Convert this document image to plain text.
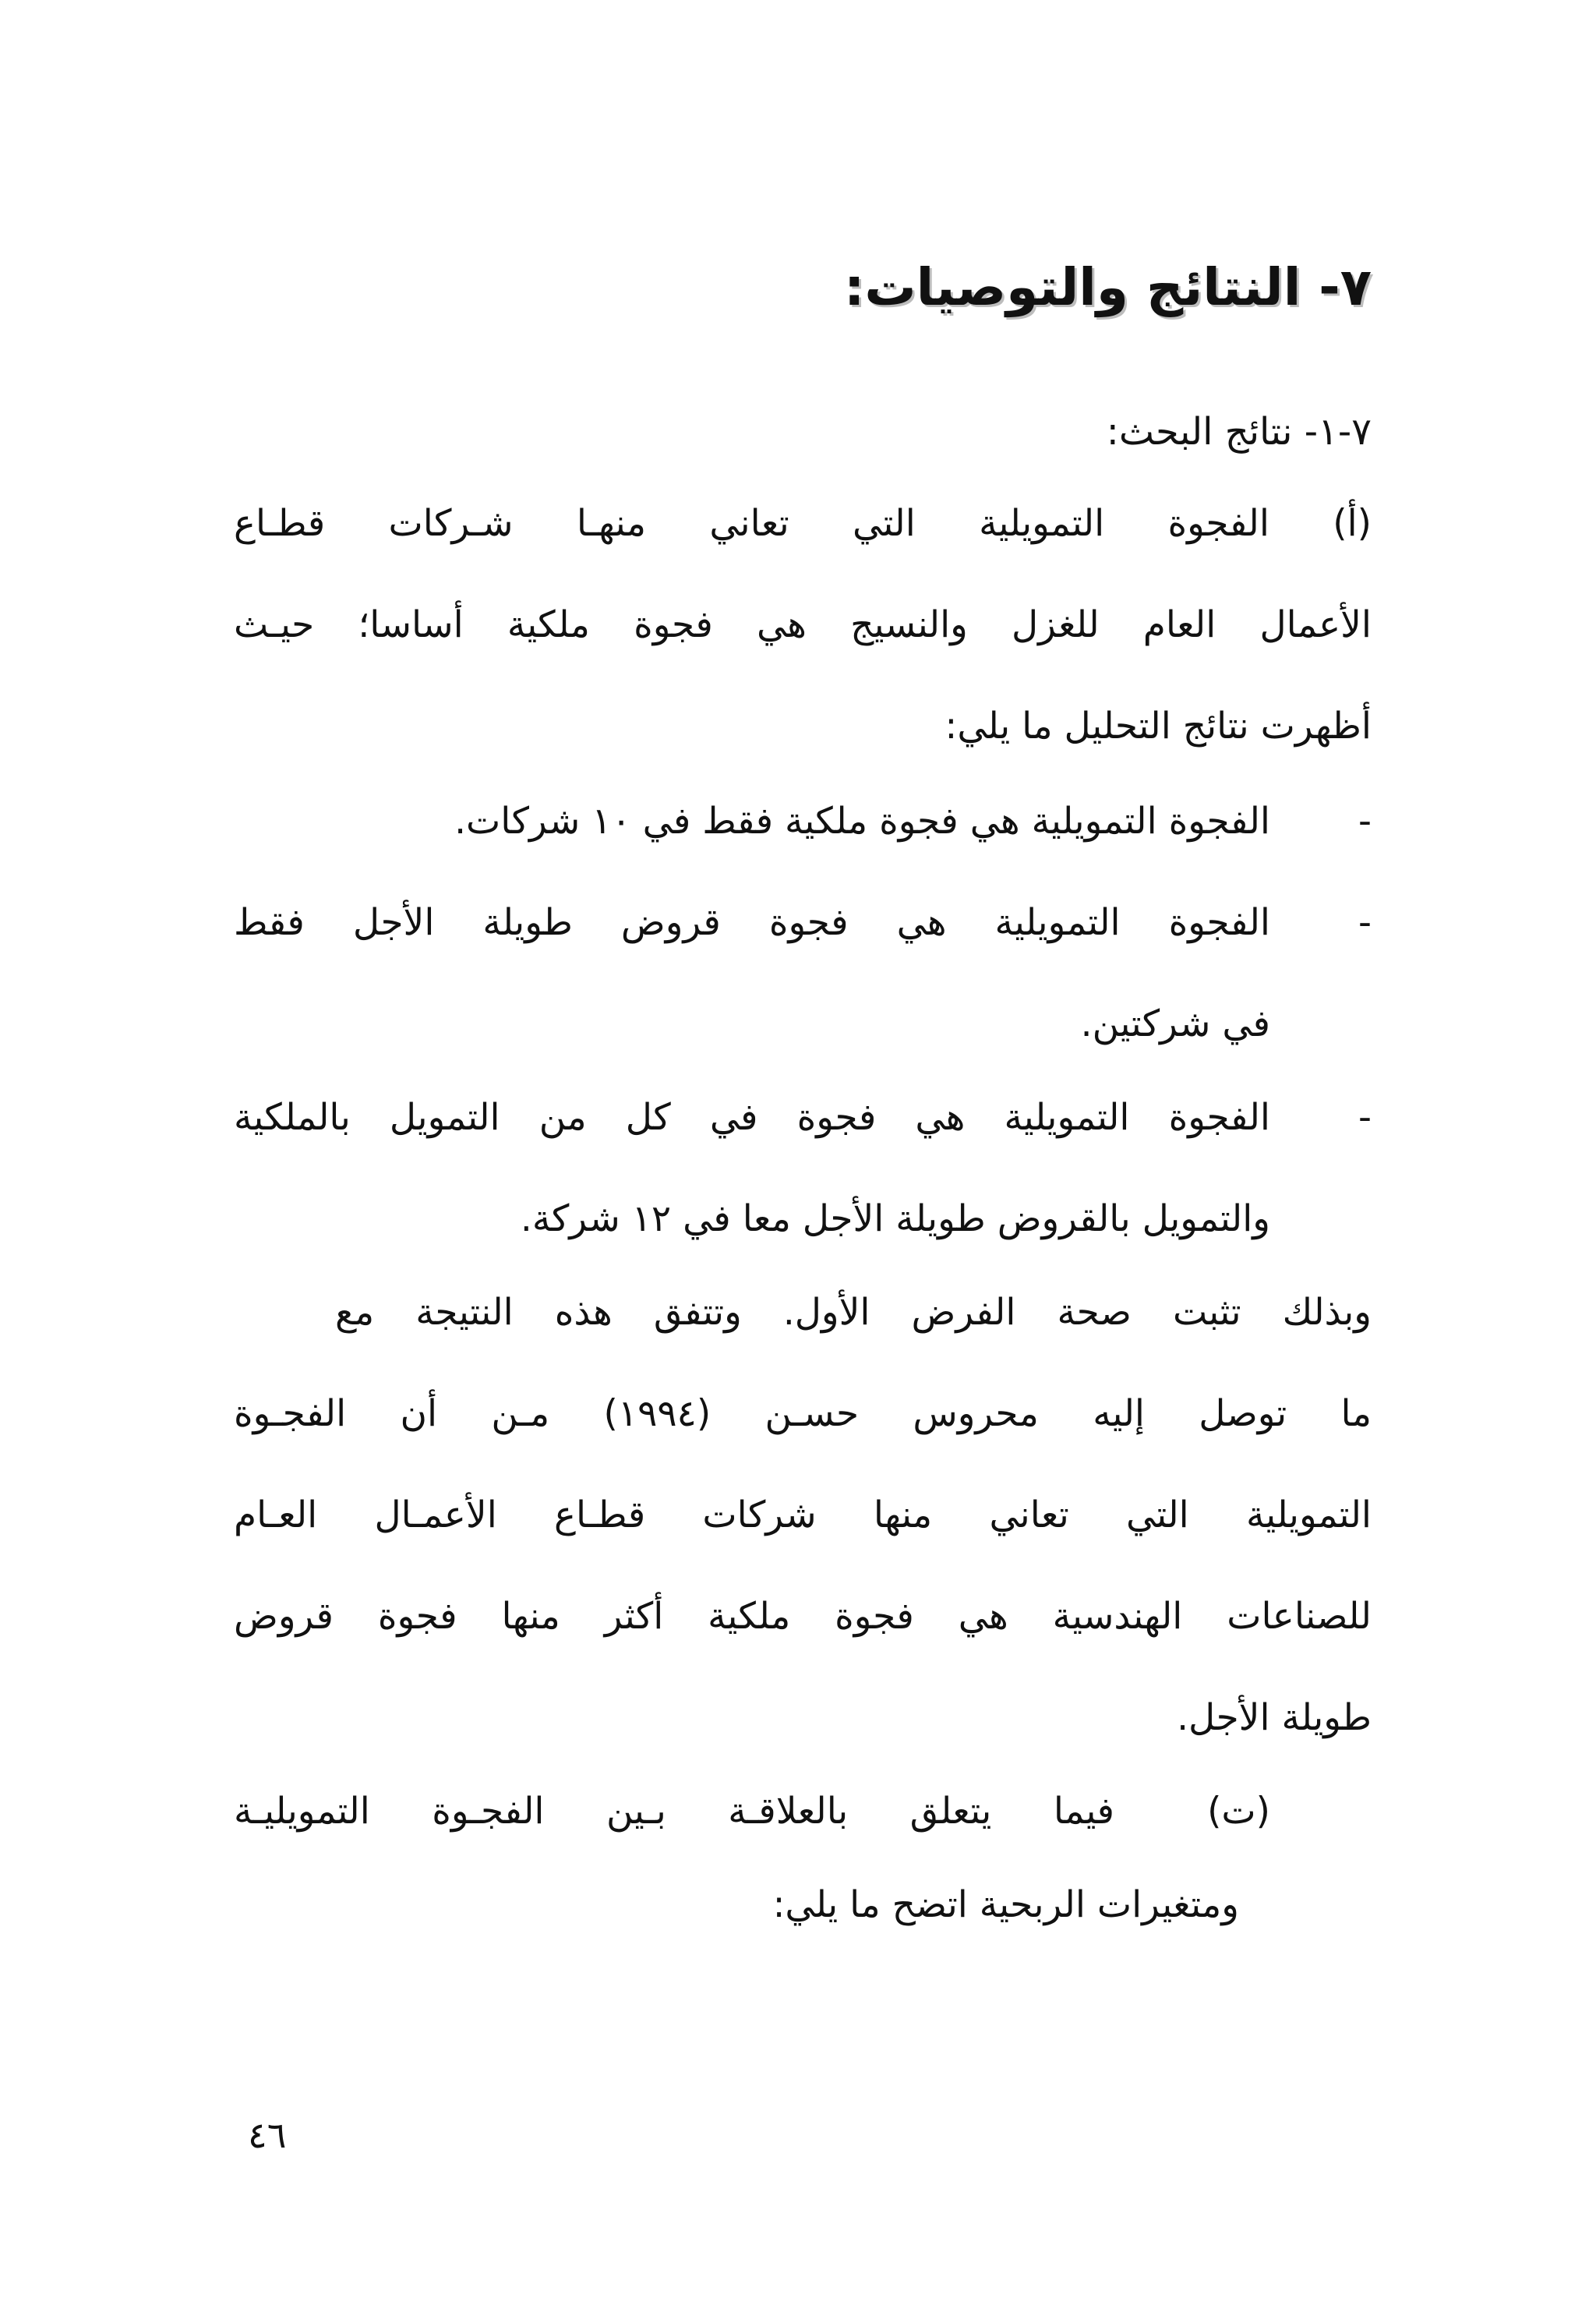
٧- النتائج والتوصيات:
٧-١- نتائج البحث:
(أ) الفجوة التمويلية التي تعاني منهـا شـركات قطـاع
الأعمال العام للغزل والنسيج هي فجوة ملكية أساسا؛ حيـث
أظهرت نتائج التحليل ما يلي:
-
الفجوة التمويلية هي فجوة ملكية فقط في ١٠ شركات.
-
الفجوة التمويلية هي فجوة قروض طويلة الأجل فقط
في شركتين.
-
الفجوة التمويلية هي فجوة في كل من التمويل بالملكية
والتمويل بالقروض طويلة الأجل معا في ١٢ شركة.
وبذلك تثبت صحة الفرض الأول. وتتفق هذه النتيجة مع
ما توصل إليه محروس حسـن (١٩٩٤) مـن أن الفجـوة
التمويلية التي تعاني منها شركات قطـاع الأعمـال العـام
للصناعات الهندسية هي فجوة ملكية أكثر منها فجوة قروض
طويلة الأجل.
(ت)
فيما يتعلق بالعلاقـة بـين الفجـوة التمويليـة
ومتغيرات الربحية اتضح ما يلي:
٤٦
